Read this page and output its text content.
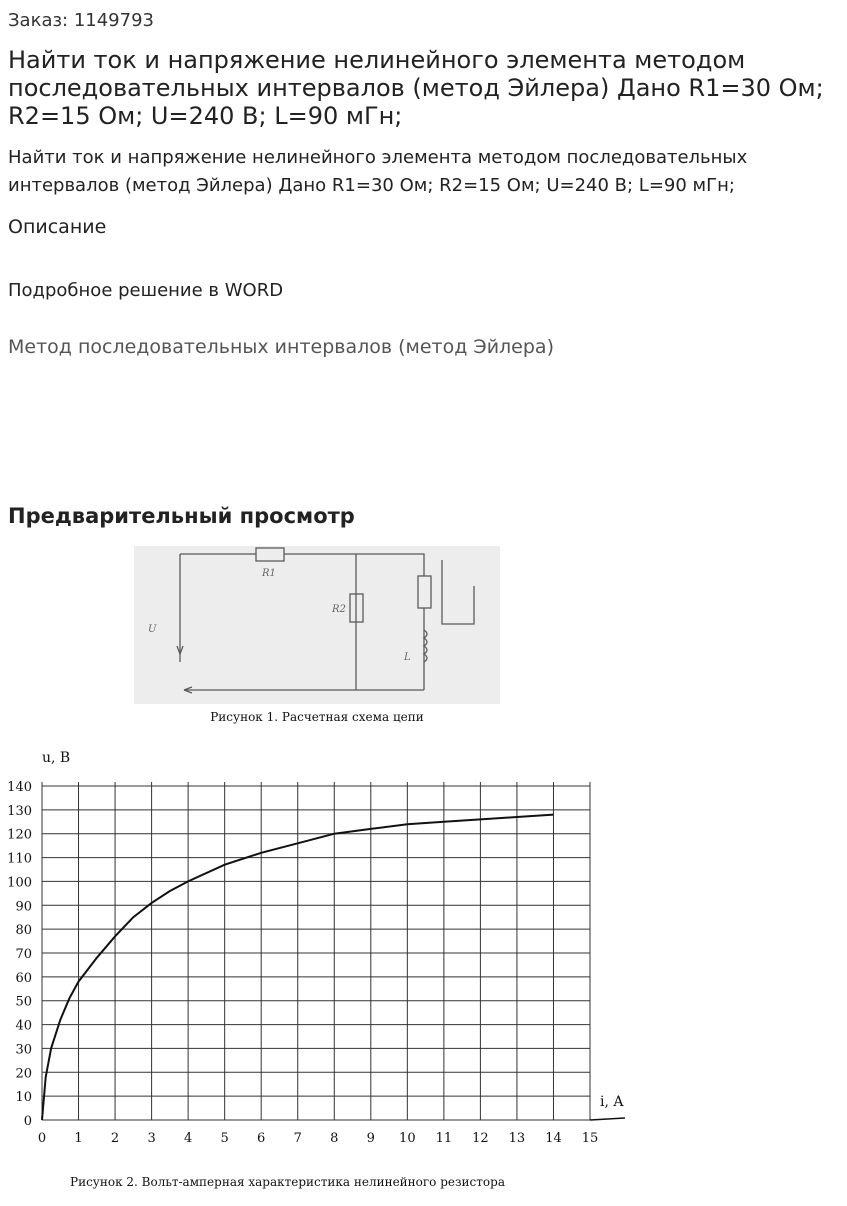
Заказ: 1149793
Найти ток и напряжение нелинейного элемента методом последовательных интервалов (метод Эйлера) Дано R1=30 Ом; R2=15 Ом; U=240 В; L=90 мГн;

Найти ток и напряжение нелинейного элемента методом последовательных интервалов (метод Эйлера) Дано R1=30 Ом; R2=15 Ом; U=240 В; L=90 мГн;

Описание
Подробное решение в WORD
Метод последовательных интервалов (метод Эйлера)
Предварительный просмотр
R1
R2
U
L
Рисунок 1. Расчетная схема цепи
0 1 2 3 4 5 6 7 8 9 10 11 12 13 14 15
0
10
20
30
40
50
60
70
80
90
100
110
120
130
140
u, B
i, A
Рисунок 2. Вольт-амперная характеристика нелинейного резистора
